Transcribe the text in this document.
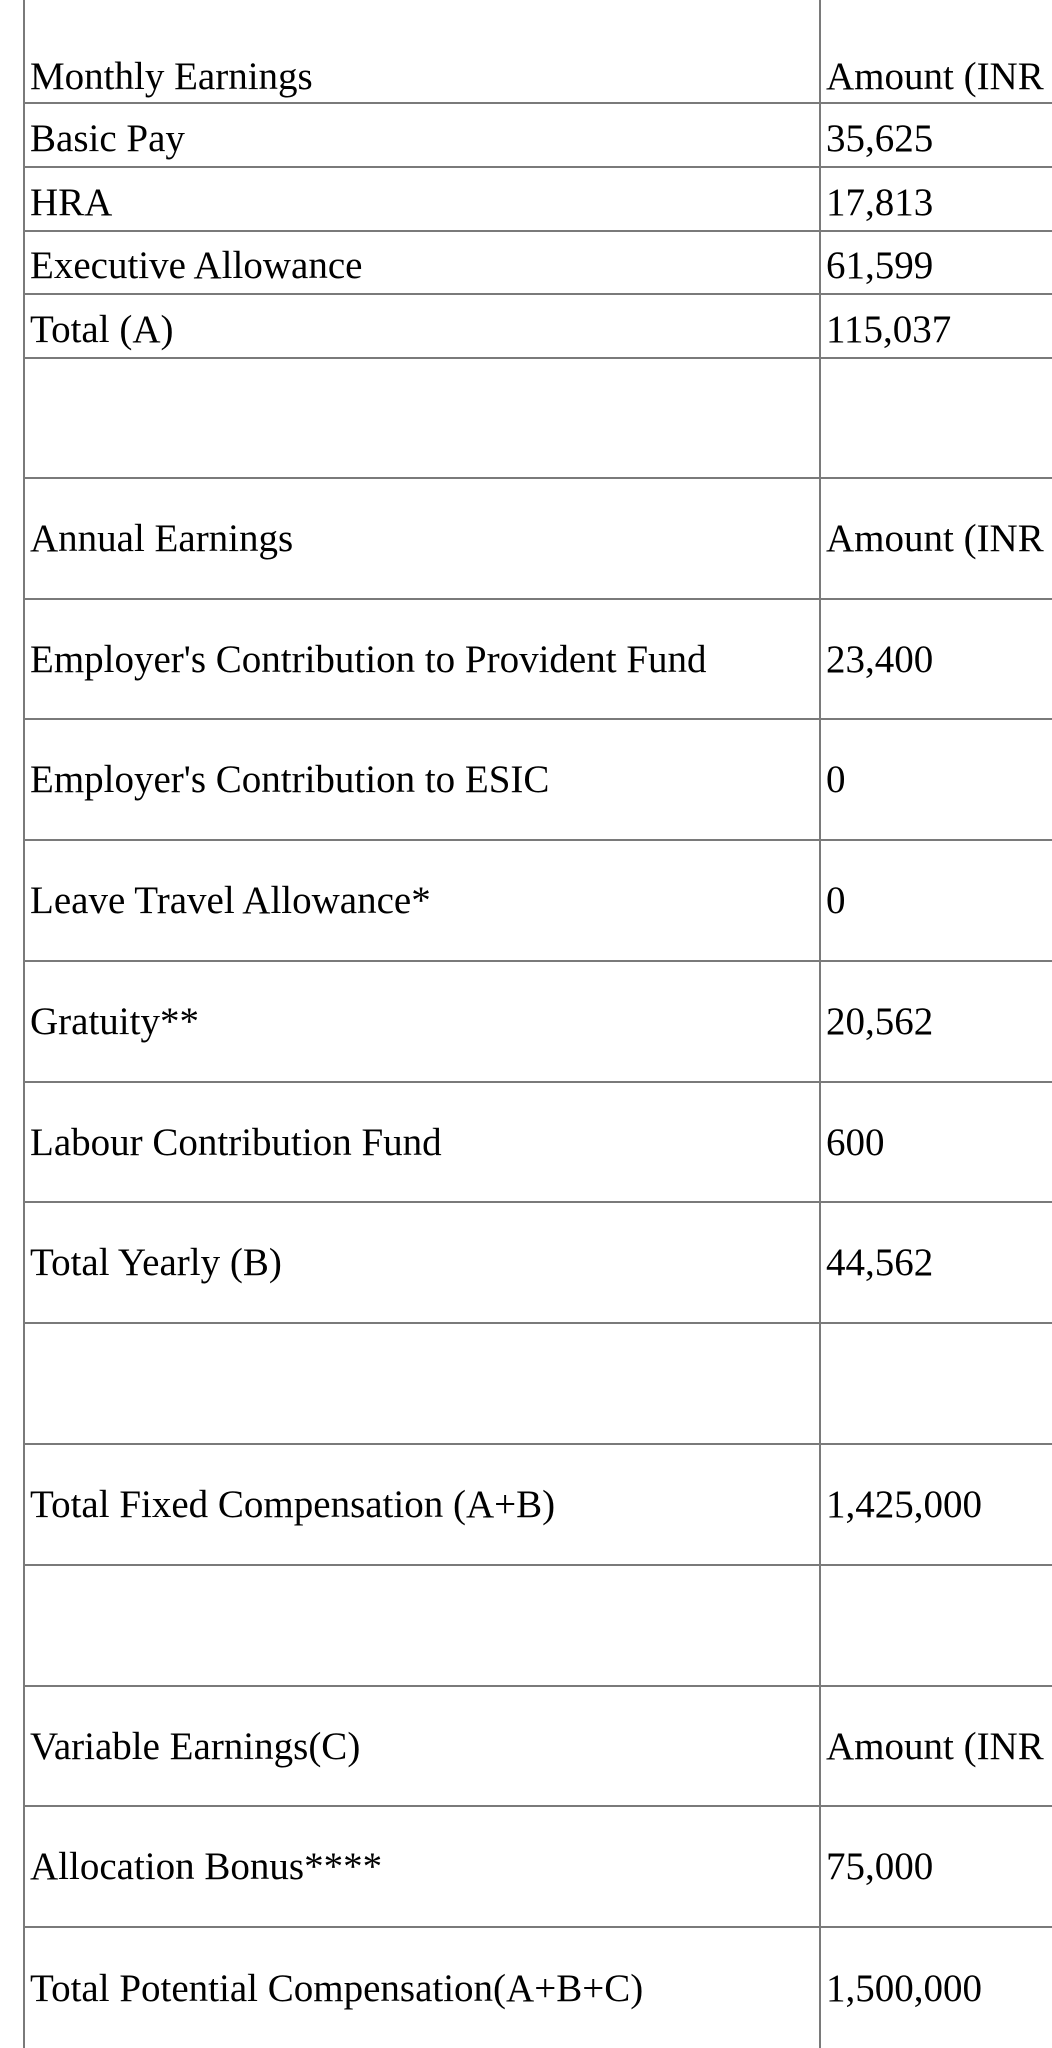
Monthly Earnings	Amount (INR
Basic Pay	35,625
HRA	17,813
Executive Allowance	61,599
Total (A)	115,037
Annual Earnings	Amount (INR
Employer's Contribution to Provident Fund	23,400
Employer's Contribution to ESIC	0
Leave Travel Allowance*	0
Gratuity**	20,562
Labour Contribution Fund	600
Total Yearly (B)	44,562
Total Fixed Compensation (A+B)	1,425,000
Variable Earnings(C)	Amount (INR
Allocation Bonus****	75,000
Total Potential Compensation(A+B+C)	1,500,000
